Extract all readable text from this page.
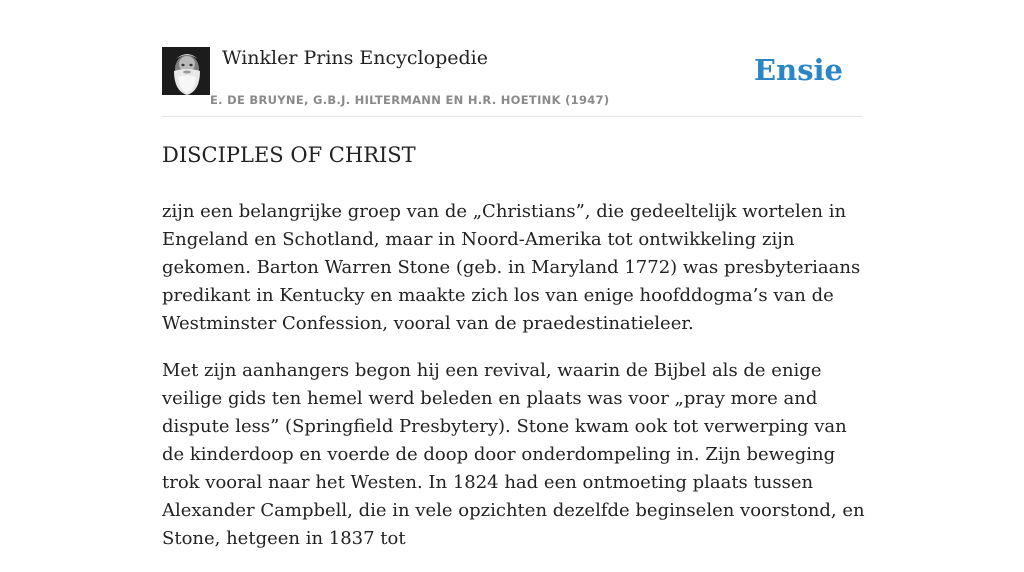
Winkler Prins Encyclopedie
E. DE BRUYNE, G.B.J. HILTERMANN EN H.R. HOETINK (1947)
Ensie
DISCIPLES OF CHRIST

zijn een belangrijke groep van de „Christians”, die gedeeltelijk wortelen in Engeland en Schotland, maar in Noord-Amerika tot ontwikkeling zijn gekomen. Barton Warren Stone (geb. in Maryland 1772) was presbyteriaans predikant in Kentucky en maakte zich los van enige hoofddogma’s van de Westminster Confession, vooral van de praedestinatieleer.

Met zijn aanhangers begon hij een revival, waarin de Bijbel als de enige veilige gids ten hemel werd beleden en plaats was voor „pray more and dispute less” (Springfield Presbytery). Stone kwam ook tot verwerping van de kinderdoop en voerde de doop door onderdompeling in. Zijn beweging trok vooral naar het Westen. In 1824 had een ontmoeting plaats tussen Alexander Campbell, die in vele opzichten dezelfde beginselen voorstond, en Stone, hetgeen in 1837 tot
